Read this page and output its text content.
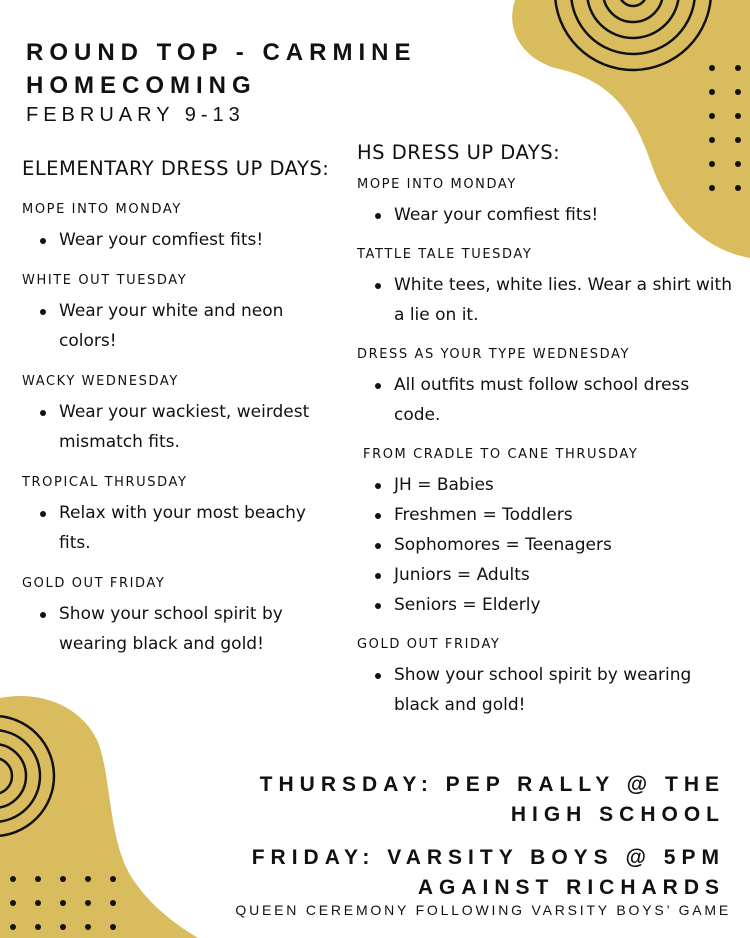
ROUND TOP - CARMINE
HOMECOMING
FEBRUARY 9-13
ELEMENTARY DRESS UP DAYS:
MOPE INTO MONDAY
Wear your comfiest fits!
WHITE OUT TUESDAY
Wear your white and neon colors!
WACKY WEDNESDAY
Wear your wackiest, weirdest mismatch fits.
TROPICAL THRUSDAY
Relax with your most beachy fits.
GOLD OUT FRIDAY
Show your school spirit by wearing black and gold!
HS DRESS UP DAYS:
MOPE INTO MONDAY
Wear your comfiest fits!
TATTLE TALE TUESDAY
White tees, white lies. Wear a shirt with a lie on it.
DRESS AS YOUR TYPE WEDNESDAY
All outfits must follow school dress code.
FROM CRADLE TO CANE THRUSDAY
JH = Babies
Freshmen = Toddlers
Sophomores = Teenagers
Juniors = Adults
Seniors = Elderly
GOLD OUT FRIDAY
Show your school spirit by wearing black and gold!
THURSDAY: PEP RALLY @ THE
HIGH SCHOOL
FRIDAY: VARSITY BOYS @ 5PM
AGAINST RICHARDS
QUEEN CEREMONY FOLLOWING VARSITY BOYS’ GAME
